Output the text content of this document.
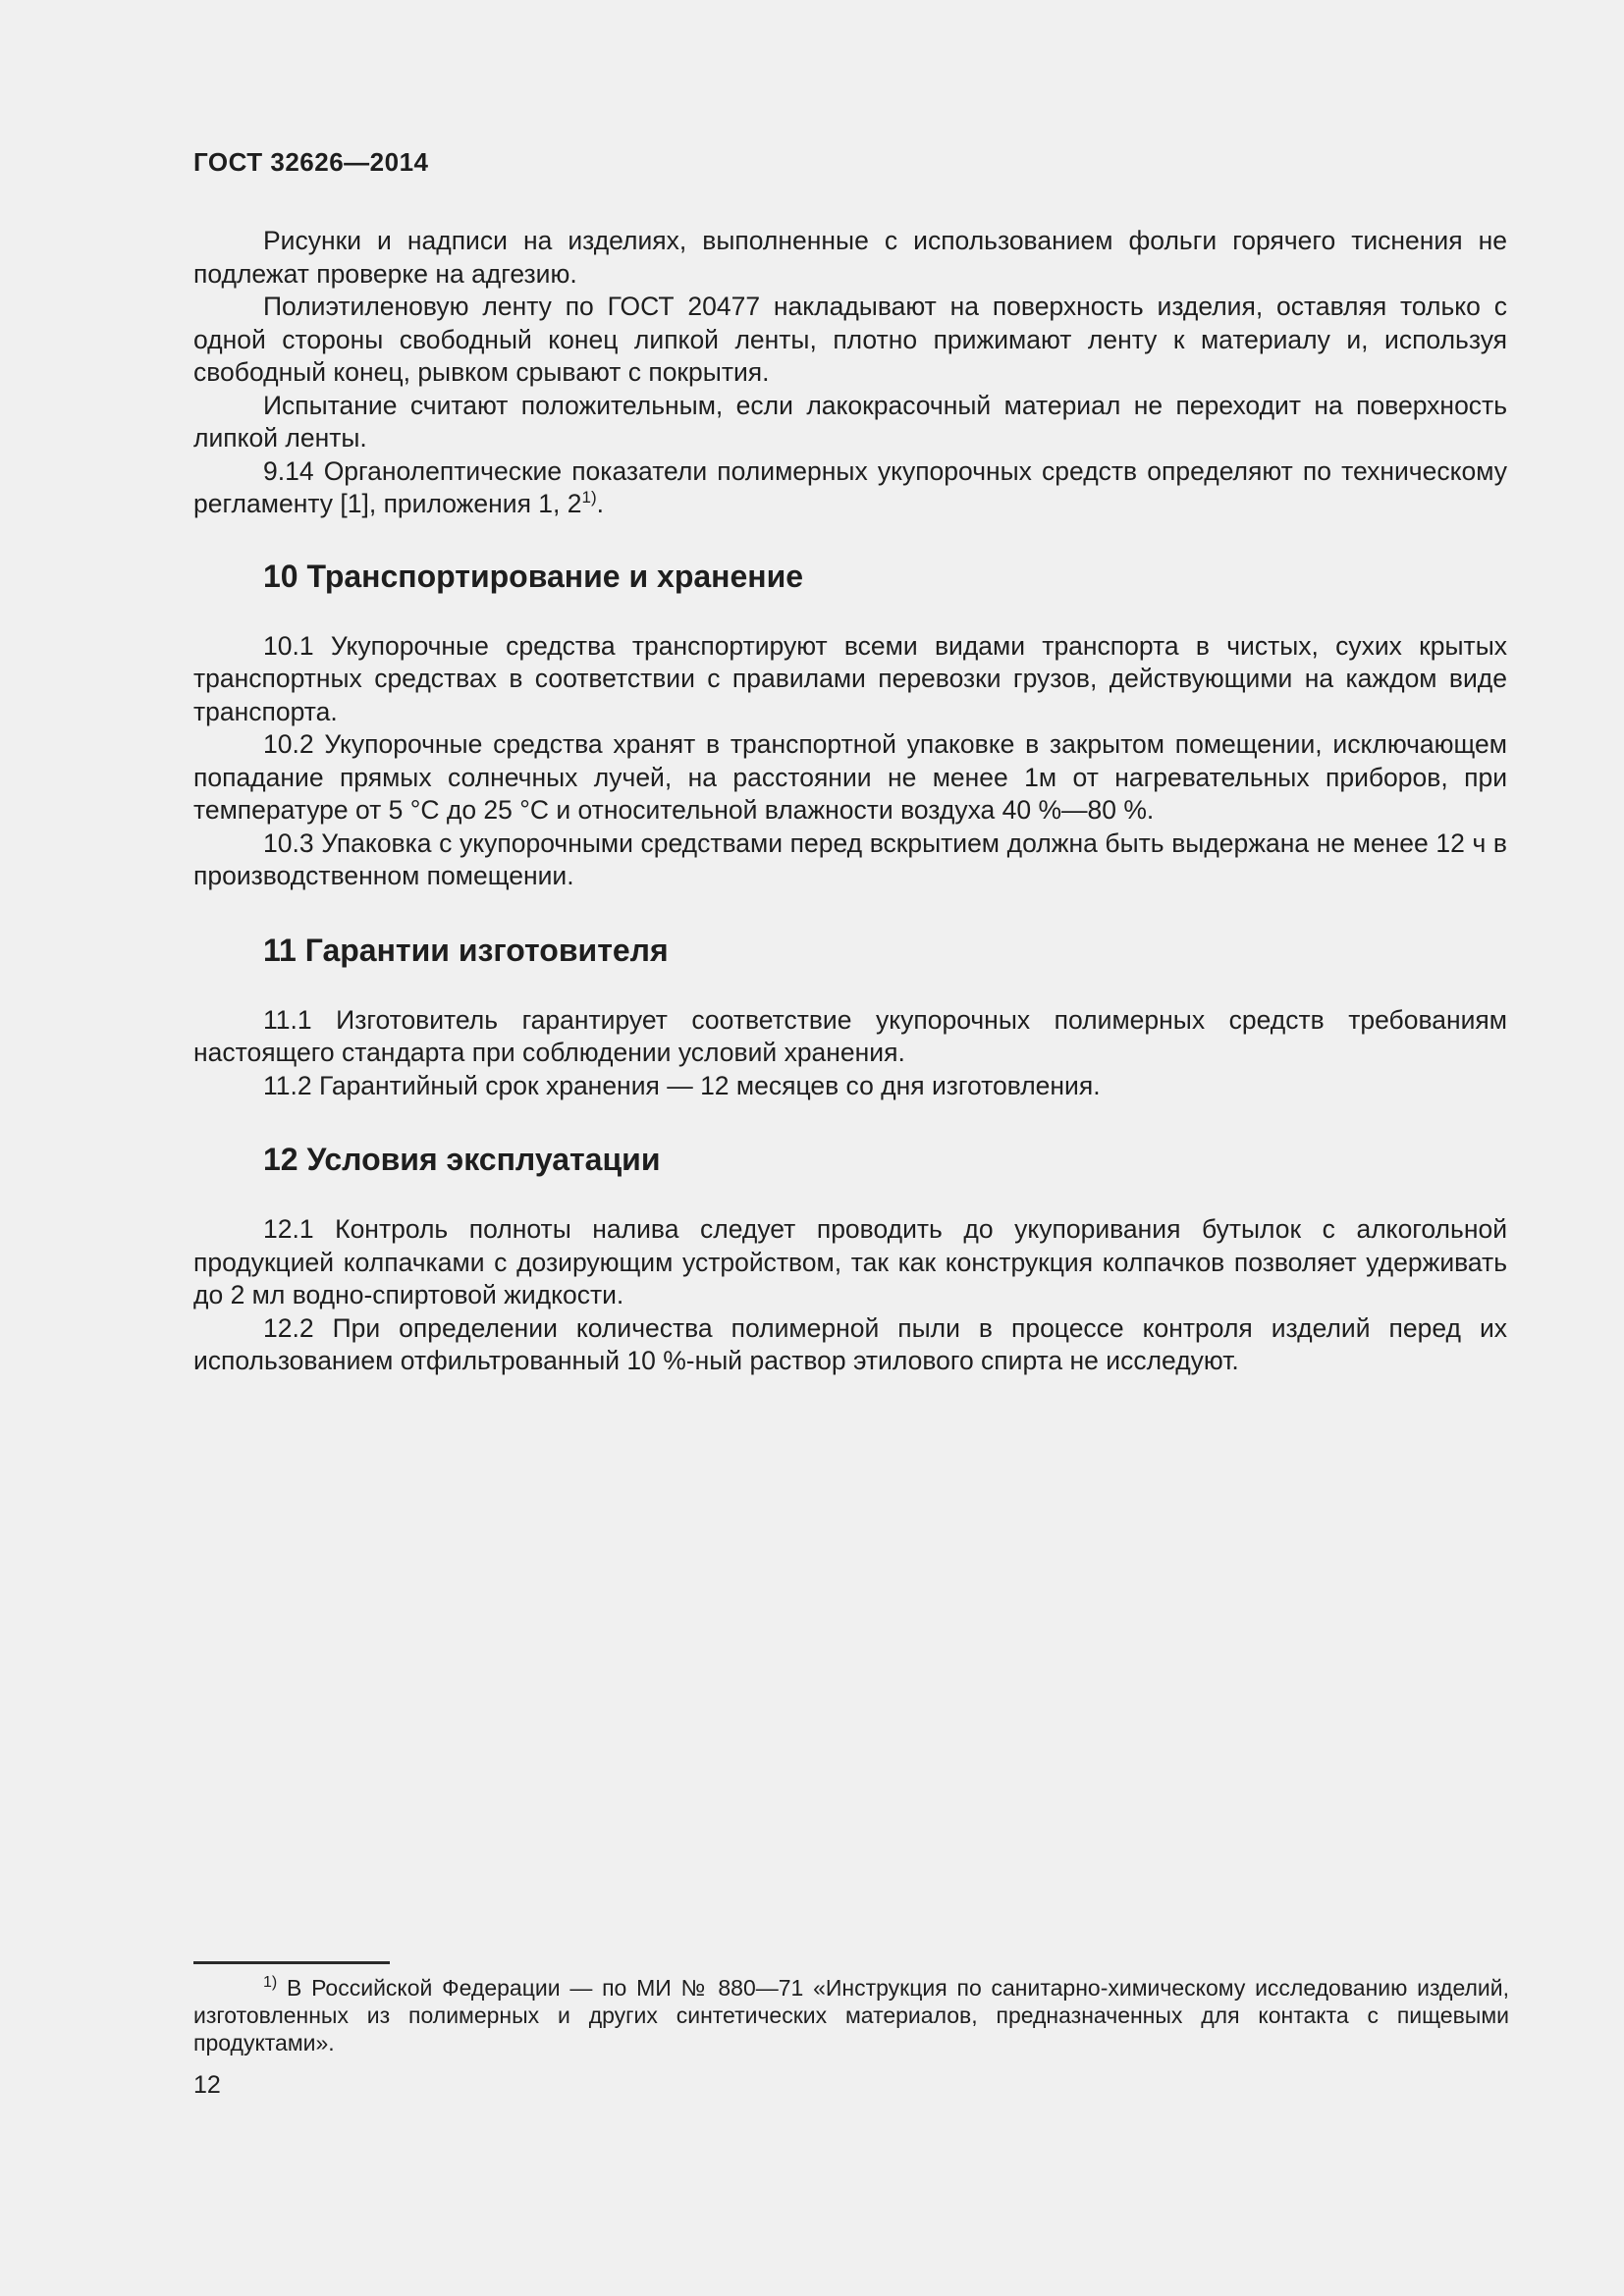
ГОСТ 32626—2014

Рисунки и надписи на изделиях, выполненные с использованием фольги горячего тиснения не подлежат проверке на адгезию.

Полиэтиленовую ленту по ГОСТ 20477 накладывают на поверхность изделия, оставляя только с одной стороны свободный конец липкой ленты, плотно прижимают ленту к материалу и, используя свободный конец, рывком срывают с покрытия.

Испытание считают положительным, если лакокрасочный материал не переходит на поверхность липкой ленты.

9.14 Органолептические показатели полимерных укупорочных средств определяют по техническому регламенту [1], приложения 1, 2$^{1)}$.

10 Транспортирование и хранение

10.1 Укупорочные средства транспортируют всеми видами транспорта в чистых, сухих крытых транспортных средствах в соответствии с правилами перевозки грузов, действующими на каждом виде транспорта.

10.2 Укупорочные средства хранят в транспортной упаковке в закрытом помещении, исключающем попадание прямых солнечных лучей, на расстоянии не менее 1м от нагревательных приборов, при температуре от 5 °С до 25 °С и относительной влажности воздуха 40 %—80 %.

10.3 Упаковка с укупорочными средствами перед вскрытием должна быть выдержана не менее 12 ч в производственном помещении.

11 Гарантии изготовителя

11.1 Изготовитель гарантирует соответствие укупорочных полимерных средств требованиям настоящего стандарта при соблюдении условий хранения.

11.2 Гарантийный срок хранения — 12 месяцев со дня изготовления.

12 Условия эксплуатации

12.1 Контроль полноты налива следует проводить до укупоривания бутылок с алкогольной продукцией колпачками с дозирующим устройством, так как конструкция колпачков позволяет удерживать до 2 мл водно-спиртовой жидкости.

12.2 При определении количества полимерной пыли в процессе контроля изделий перед их использованием отфильтрованный 10 %-ный раствор этилового спирта не исследуют.

$^{1)}$ В Российской Федерации — по МИ № 880—71 «Инструкция по санитарно-химическому исследованию изделий, изготовленных из полимерных и других синтетических материалов, предназначенных для контакта с пищевыми продуктами».

12
